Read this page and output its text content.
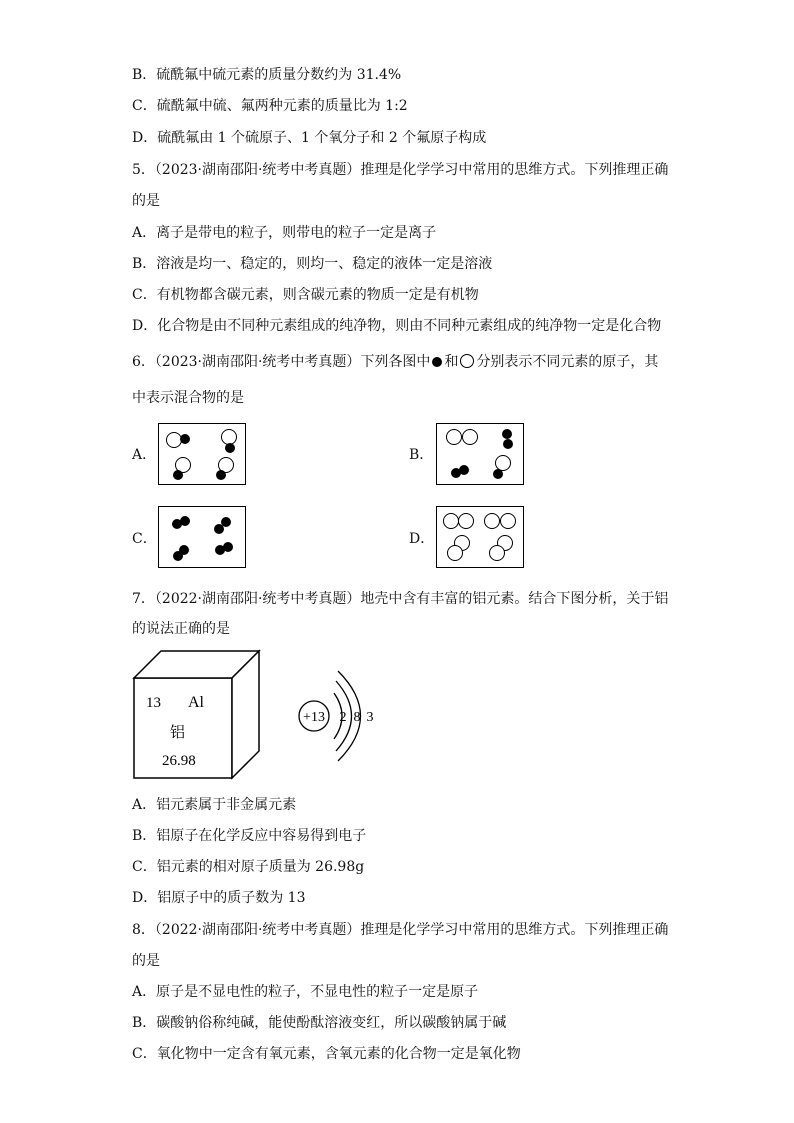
B．硫酰氟中硫元素的质量分数约为 31.4%
C．硫酰氟中硫、氟两种元素的质量比为 1:2
D．硫酰氟由 1 个硫原子、1 个氧分子和 2 个氟原子构成
5．（2023·湖南邵阳·统考中考真题）推理是化学学习中常用的思维方式。下列推理正确
的是
A．离子是带电的粒子，则带电的粒子一定是离子
B．溶液是均一、稳定的，则均一、稳定的液体一定是溶液
C．有机物都含碳元素，则含碳元素的物质一定是有机物
D．化合物是由不同种元素组成的纯净物，则由不同种元素组成的纯净物一定是化合物
6．（2023·湖南邵阳·统考中考真题）下列各图中 和 分别表示不同元素的原子，其
中表示混合物的是
A．	B．
C．	D．
7．（2022·湖南邵阳·统考中考真题）地壳中含有丰富的铝元素。结合下图分析，关于铝
的说法正确的是
13 Al
铝
26.98
+13 2 8 3
A．铝元素属于非金属元素
B．铝原子在化学反应中容易得到电子
C．铝元素的相对原子质量为 26.98g
D．铝原子中的质子数为 13
8．（2022·湖南邵阳·统考中考真题）推理是化学学习中常用的思维方式。下列推理正确
的是
A．原子是不显电性的粒子，不显电性的粒子一定是原子
B．碳酸钠俗称纯碱，能使酚酞溶液变红，所以碳酸钠属于碱
C．氧化物中一定含有氧元素，含氧元素的化合物一定是氧化物
